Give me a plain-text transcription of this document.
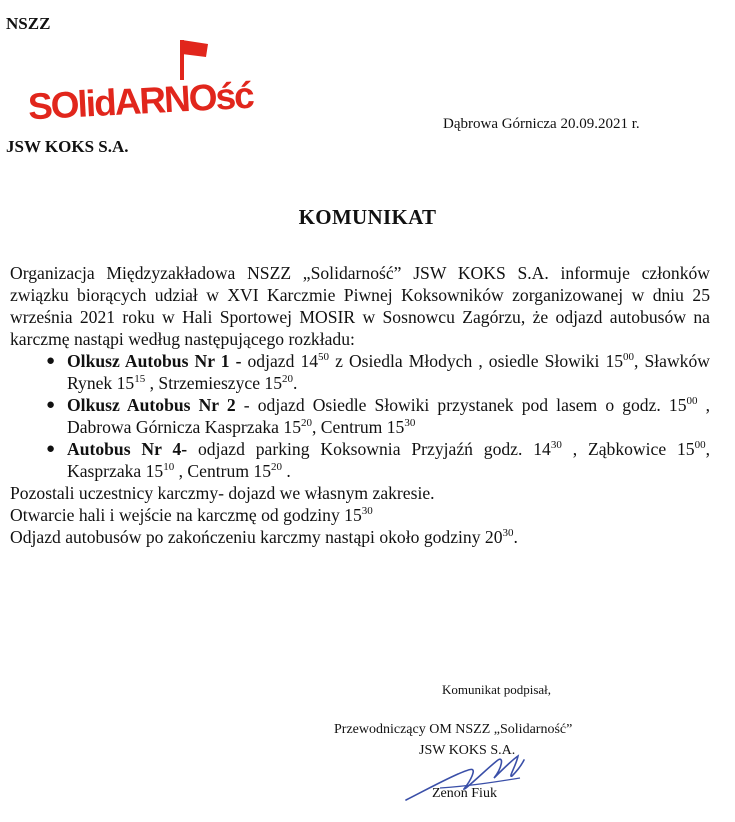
NSZZ
SOlidARNOść
JSW KOKS S.A.
Dąbrowa Górnicza 20.09.2021 r.
KOMUNIKAT

Organizacja Międzyzakładowa NSZZ „Solidarność” JSW KOKS S.A. informuje członków związku biorących udział w XVI Karczmie Piwnej Koksowników zorganizowanej w dniu 25 września 2021 roku w Hali Sportowej MOSIR w Sosnowcu Zagórzu, że odjazd autobusów na karczmę nastąpi według następującego rozkładu:

● Olkusz Autobus Nr 1 - odjazd $14^{50}$ z Osiedla Młodych , osiedle Słowiki $15^{00}$, Sławków Rynek $15^{15}$ , Strzemieszyce $15^{20}$.
● Olkusz Autobus Nr 2 - odjazd Osiedle Słowiki przystanek pod lasem o godz. $15^{00}$ , Dabrowa Górnicza Kasprzaka $15^{20}$, Centrum $15^{30}$
● Autobus Nr 4- odjazd parking Koksownia Przyjaźń godz. $14^{30}$ , Ząbkowice $15^{00}$, Kasprzaka $15^{10}$ , Centrum $15^{20}$ .

Pozostali uczestnicy karczmy- dojazd we własnym zakresie.

Otwarcie hali i wejście na karczmę od godziny $15^{30}$

Odjazd autobusów po zakończeniu karczmy nastąpi około godziny $20^{30}$.

Komunikat podpisał,
Przewodniczący OM NSZZ „Solidarność”
JSW KOKS S.A.
Zenon Fiuk
